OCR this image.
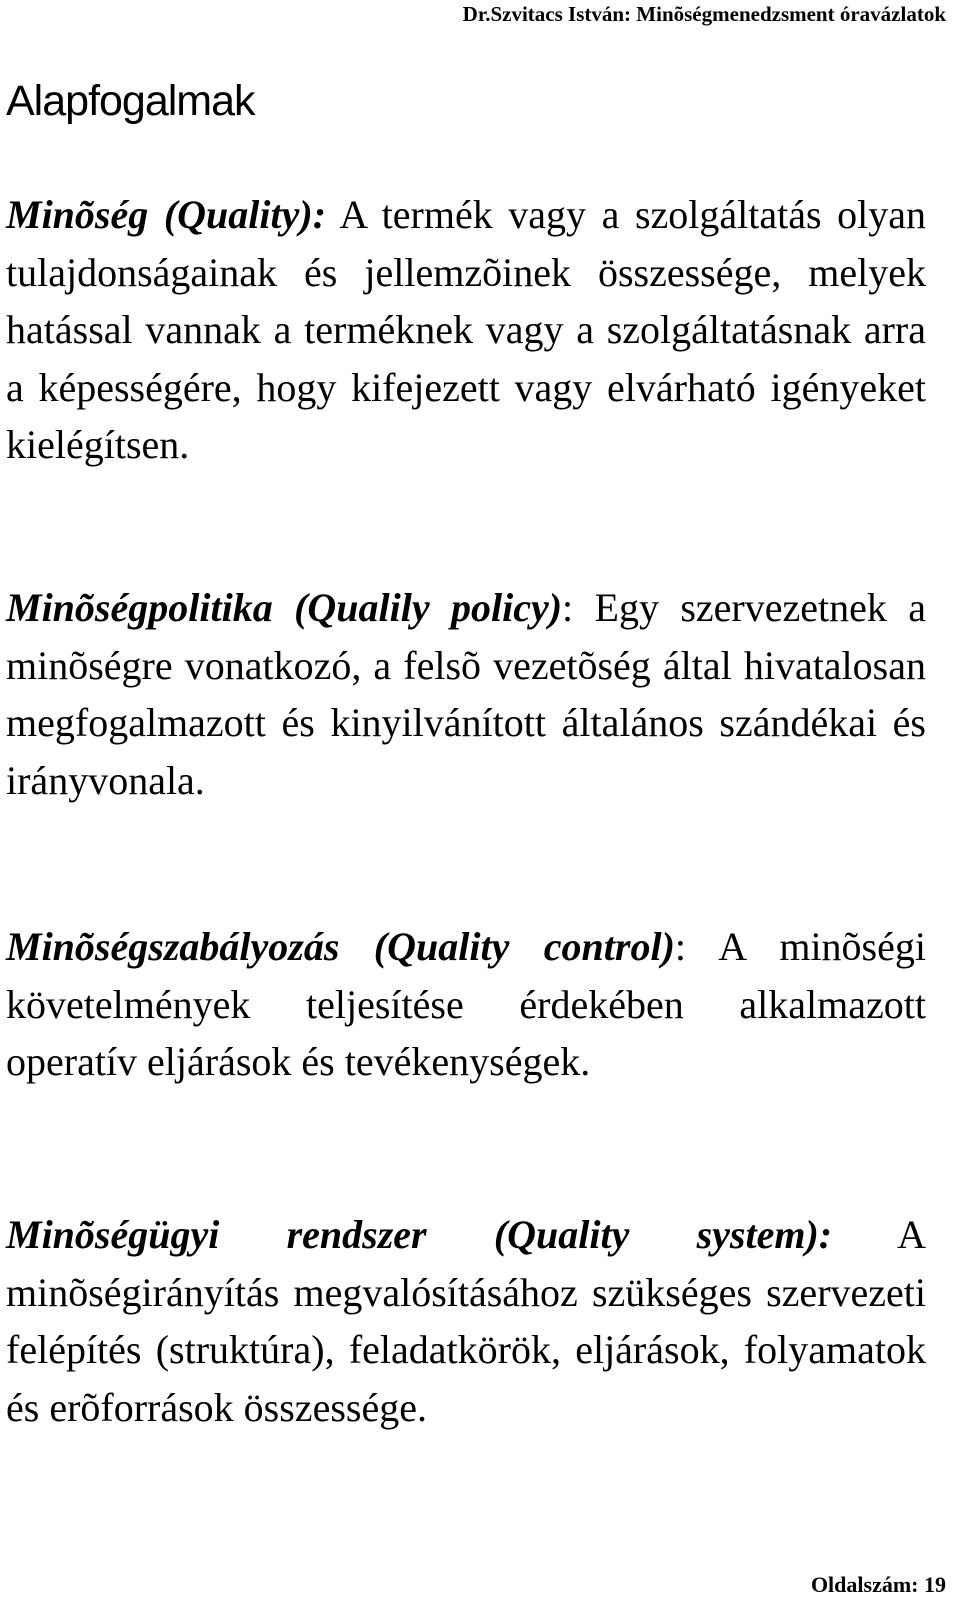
Dr.Szvitacs István: Minõségmenedzsment óravázlatok
Alapfogalmak

Minõség (Quality): A termék vagy a szolgáltatás olyan tulajdonságainak és jellemzõinek összessége, melyek hatással vannak a terméknek vagy a szolgáltatásnak arra a képességére, hogy kifejezett vagy elvárható igényeket kielégítsen.

Minõségpolitika (Qualily policy): Egy szervezetnek a minõségre vonatkozó, a felsõ vezetõség által hivatalosan megfogalmazott és kinyilvánított általános szándékai és irányvonala.

Minõségszabályozás (Quality control): A minõségi követelmények teljesítése érdekében alkalmazott operatív eljárások és tevékenységek.

Minõségügyi rendszer (Quality system): A minõségirányítás megvalósításához szükséges szervezeti felépítés (struktúra), feladatkörök, eljárások, folyamatok és erõforrások összessége.

Oldalszám: 19
